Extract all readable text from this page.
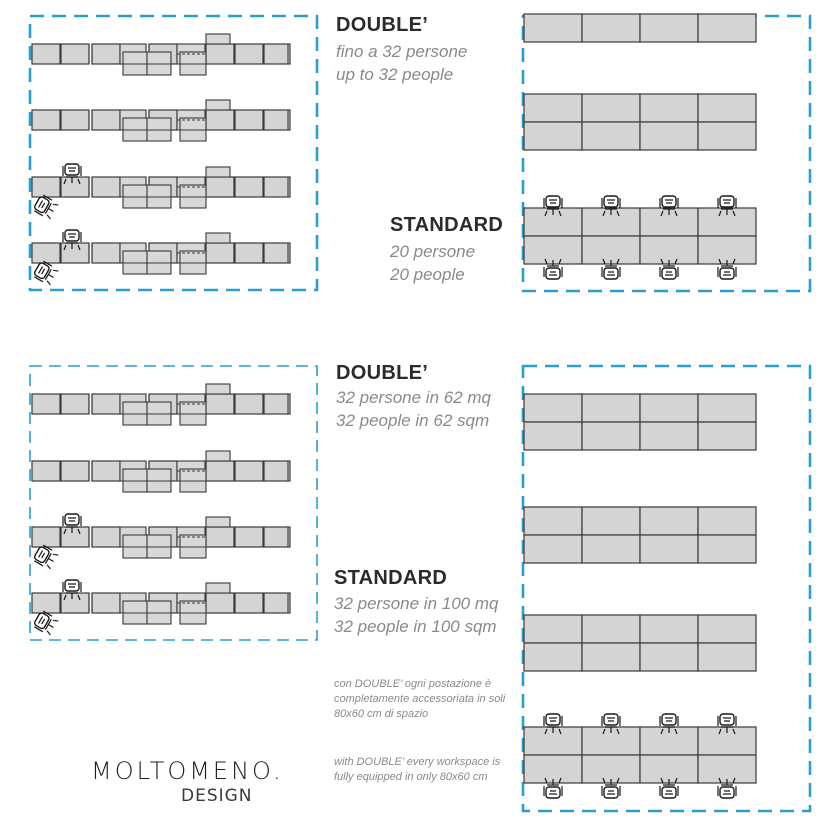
DOUBLE’
fino a 32 persone
up to 32 people
STANDARD
20 persone
20 people
DOUBLE’
32 persone in 62 mq
32 people in 62 sqm
STANDARD
32 persone in 100 mq
32 people in 100 sqm
con DOUBLE’ ogni postazione è completamente accessoriata in soli 80x60 cm di spazio
with DOUBLE’ every workspace is fully equipped in only 80x60 cm
MOLTOMENO.
DESIGN
